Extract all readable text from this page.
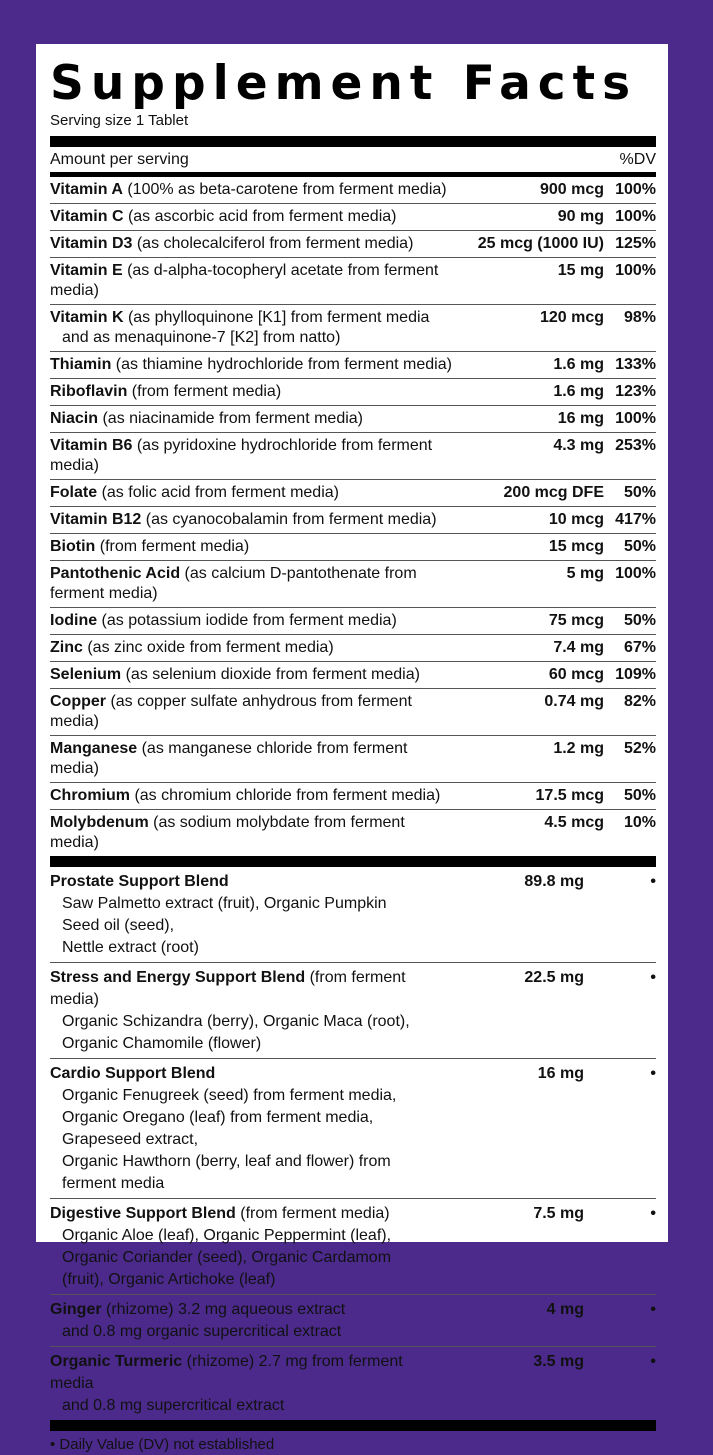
Supplement Facts
Serving size 1 Tablet
Amount per serving	%DV
Vitamin A (100% as beta-carotene from ferment media)	900 mcg 100%
Vitamin C (as ascorbic acid from ferment media)	90 mg 100%
Vitamin D3 (as cholecalciferol from ferment media)	25 mcg (1000 IU) 125%
Vitamin E (as d-alpha-tocopheryl acetate from ferment media)
15 mg 100%
Vitamin K (as phylloquinone [K1] from ferment media
and as menaquinone-7 [K2] from natto)
120 mcg	98%
Thiamin (as thiamine hydrochloride from ferment media)	1.6 mg 133%
Riboflavin (from ferment media)	1.6 mg 123%
Niacin (as niacinamide from ferment media)	16 mg 100%
Vitamin B6 (as pyridoxine hydrochloride from ferment media)
4.3 mg 253%
Folate (as folic acid from ferment media)	200 mcg DFE	50%
Vitamin B12 (as cyanocobalamin from ferment media)	10 mcg 417%
Biotin (from ferment media)	15 mcg	50%
Pantothenic Acid (as calcium D-pantothenate from ferment media)
5 mg 100%
Iodine (as potassium iodide from ferment media)	75 mcg	50%
Zinc (as zinc oxide from ferment media)	7.4 mg	67%
Selenium (as selenium dioxide from ferment media)	60 mcg 109%
Copper (as copper sulfate anhydrous from ferment media)
0.74 mg	82%
Manganese (as manganese chloride from ferment media)
1.2 mg	52%
Chromium (as chromium chloride from ferment media)	17.5 mcg	50%
Molybdenum (as sodium molybdate from ferment media)
4.5 mcg	10%
Prostate Support Blend
Saw Palmetto extract (fruit), Organic Pumpkin Seed oil (seed),
Nettle extract (root)
89.8 mg	•
Stress and Energy Support Blend (from ferment media)
Organic Schizandra (berry), Organic Maca (root),
Organic Chamomile (flower)
22.5 mg	•
Cardio Support Blend
Organic Fenugreek (seed) from ferment media,
Organic Oregano (leaf) from ferment media, Grapeseed extract,
Organic Hawthorn (berry, leaf and flower) from ferment media
16 mg	•
Digestive Support Blend (from ferment media)
Organic Aloe (leaf), Organic Peppermint (leaf),
Organic Coriander (seed), Organic Cardamom (fruit), Organic Artichoke (leaf)
7.5 mg	•
Ginger (rhizome) 3.2 mg aqueous extract
and 0.8 mg organic supercritical extract
4 mg	•
Organic Turmeric (rhizome) 2.7 mg from ferment media
and 0.8 mg supercritical extract
3.5 mg	•
• Daily Value (DV) not established
